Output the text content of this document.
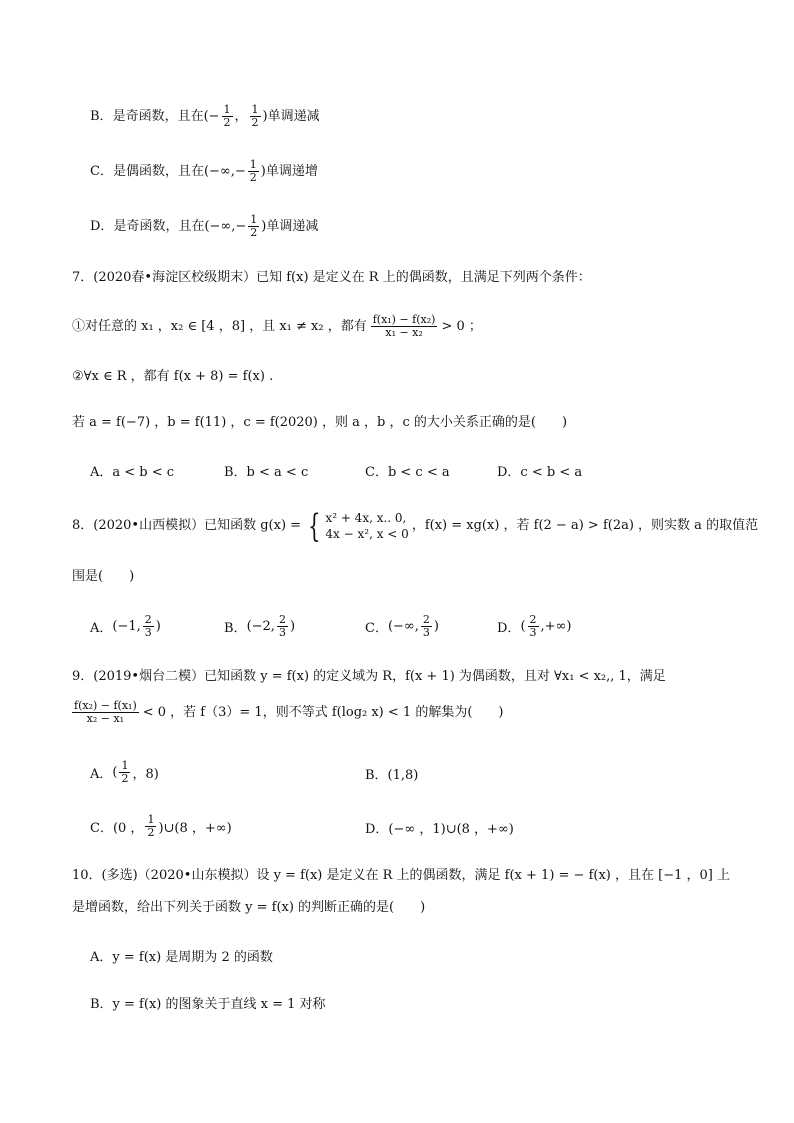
B． 是奇函数，且在(− $\frac{1}{2}$ ， $\frac{1}{2}$ )单调递减
C． 是偶函数，且在(−∞,− $\frac{1}{2}$ )单调递增
D． 是奇函数，且在(−∞,− $\frac{1}{2}$ )单调递减
7．(2020春•海淀区校级期末）已知 f(x) 是定义在 R 上的偶函数，且满足下列两个条件：
①对任意的 x₁ ，x₂ ∈ [4 ，8] ，且 x₁ ≠ x₂ ，都有 $\frac{\text{f(x₁) − f(x₂)}}{\text{x₁ − x₂}} > 0$ ；
②∀x ∈ R ，都有 f(x + 8) = f(x) .
若 a = f(−7) ，b = f(11) ，c = f(2020) ，则 a ，b ，c 的大小关系正确的是(　　)
A．a < b < c	B．b < a < c	C．b < c < a	D．c < b < a
8．(2020•山西模拟）已知函数 g(x) = { x² + 4x, x.. 0,
4x − x², x < 0
，f(x) = xg(x) ，若 f(2 − a) > f(2a) ，则实数 a 的取值范
围是(　　)
A． (−1, $\frac{2}{3}$ )	B． (−2, $\frac{2}{3}$ )	C． (−∞, $\frac{2}{3}$ )	D． ( $\frac{2}{3}$ ,+∞)
9．(2019•烟台二模）已知函数 y = f(x) 的定义域为 R，f(x + 1) 为偶函数，且对 ∀x₁ < x₂,, 1，满足
$\frac{\text{f(x₂) − f(x₁)}}{\text{x₂ − x₁}} < 0$ ，若 f（3）= 1，则不等式 f(log₂ x) < 1 的解集为(　　)
A． ( $\frac{1}{2}$ ，8)	B．(1,8)
C． (0 ， $\frac{1}{2}$ )∪(8 ，+∞)	D．(−∞ ，1)∪(8 ，+∞)
10．(多选)（2020•山东模拟）设 y = f(x) 是定义在 R 上的偶函数，满足 f(x + 1) = − f(x) ，且在 [−1 ，0] 上
是增函数，给出下列关于函数 y = f(x) 的判断正确的是(　　)
A．y = f(x) 是周期为 2 的函数
B．y = f(x) 的图象关于直线 x = 1 对称
